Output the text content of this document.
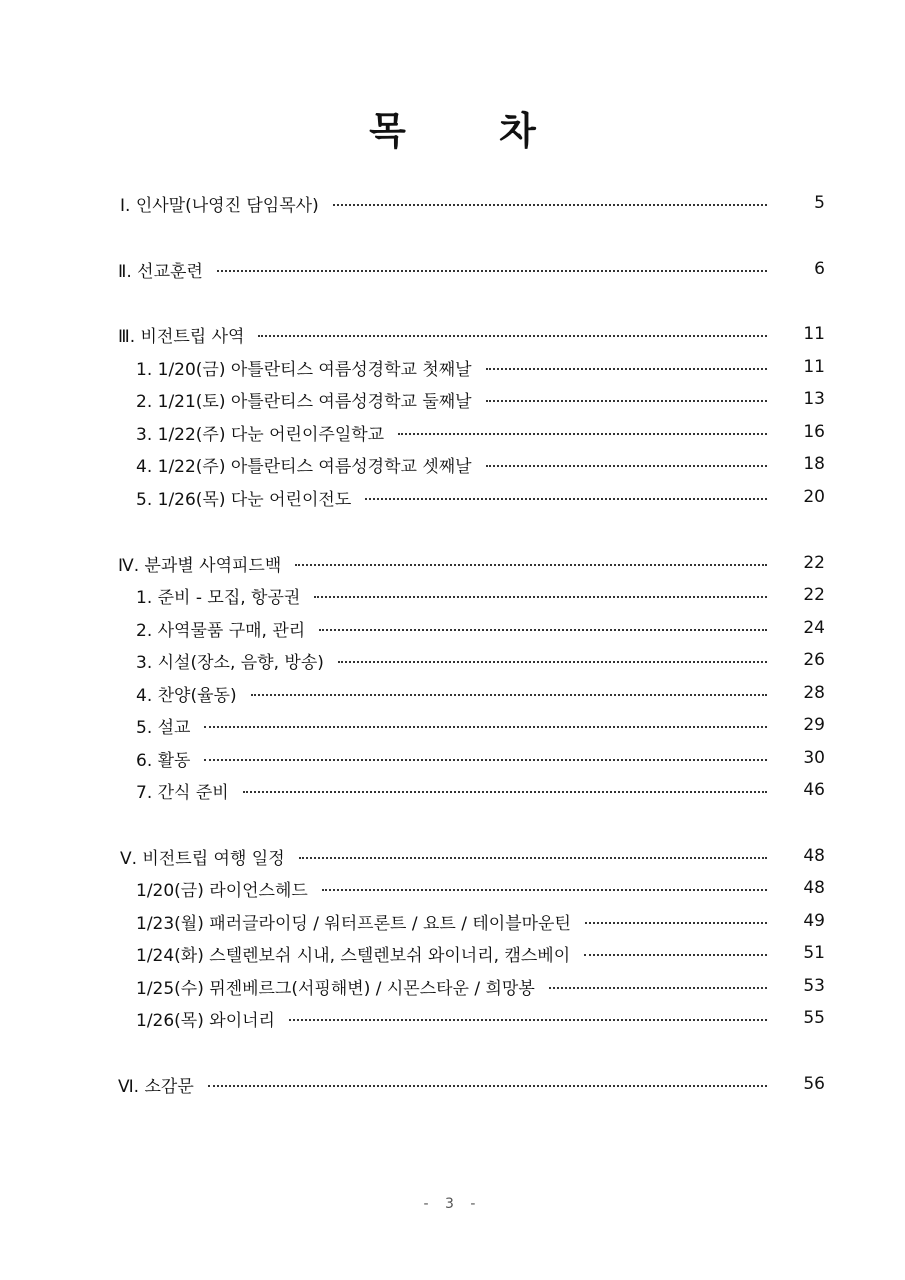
목 차
Ⅰ. 인사말(나영진 담임목사)	5
Ⅱ. 선교훈련	6
Ⅲ. 비전트립 사역	11
1. 1/20(금) 아틀란티스 여름성경학교 첫째날	11
2. 1/21(토) 아틀란티스 여름성경학교 둘째날	13
3. 1/22(주) 다눈 어린이주일학교	16
4. 1/22(주) 아틀란티스 여름성경학교 셋째날	18
5. 1/26(목) 다눈 어린이전도	20
Ⅳ. 분과별 사역피드백	22
1. 준비 - 모집, 항공권	22
2. 사역물품 구매, 관리	24
3. 시설(장소, 음향, 방송)	26
4. 찬양(율동)	28
5. 설교	29
6. 활동	30
7. 간식 준비	46
Ⅴ. 비전트립 여행 일정	48
1/20(금) 라이언스헤드	48
1/23(월) 패러글라이딩 / 워터프론트 / 요트 / 테이블마운틴	49
1/24(화) 스텔렌보쉬 시내, 스텔렌보쉬 와이너리, 캠스베이	51
1/25(수) 뮈젠베르그(서핑해변) / 시몬스타운 / 희망봉	53
1/26(목) 와이너리	55
Ⅵ. 소감문	56
- 3 -
